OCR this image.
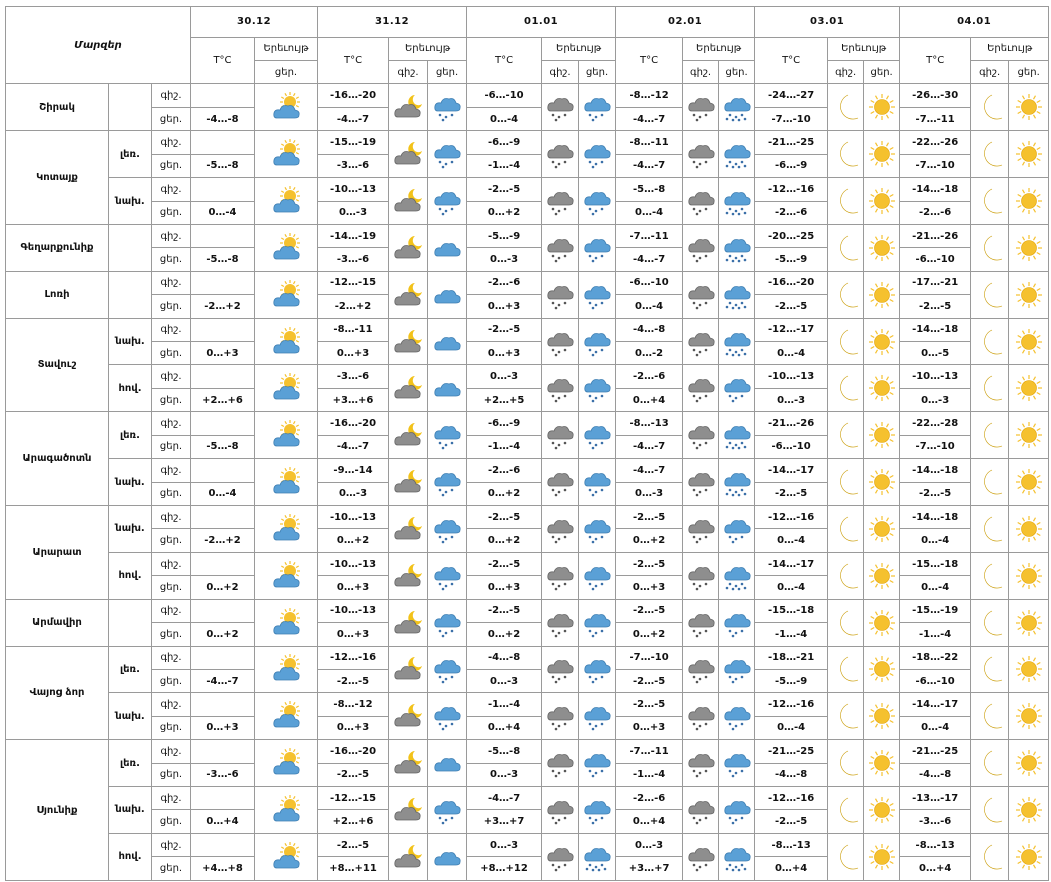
Մարզեր			30.12		31.12			01.01			02.01			03.01			04.01		
			T°C	Երեւույթ	T°C	Երեւույթ		T°C	Երեւույթ		T°C	Երեւույթ		T°C	Երեւույթ		T°C	Երեւույթ	
				ցեր.		գիշ.	ցեր.		գիշ.	ցեր.		գիշ.	ցեր.		գիշ.	ցեր.		գիշ.	ցեր.
Շիրակ		գիշ.			-16…-20			-6…-10			-8…-12			-24…-27			-26…-30	

		ցեր.	-4…-8		-4…-7			0…-4			-4…-7			-7…-10			-7…-11		
Կոտայք	լեռ.	գիշ.			-15…-19			-6…-9			-8…-11			-21…-25			-22…-26	

		ցեր.	-5…-8		-3…-6			-1…-4			-4…-7			-6…-9			-7…-10		
	նախ.	գիշ.			-10…-13			-2…-5			-5…-8			-12…-16			-14…-18	

		ցեր.	0…-4		0…-3			0…+2			0…-4			-2…-6			-2…-6		
Գեղարքունիք		գիշ.			-14…-19			-5…-9			-7…-11			-20…-25			-21…-26	

		ցեր.	-5…-8		-3…-6			0…-3			-4…-7			-5…-9			-6…-10		
Լոռի		գիշ.			-12…-15			-2…-6			-6…-10			-16…-20			-17…-21	

		ցեր.	-2…+2		-2…+2			0…+3			0…-4			-2…-5			-2…-5		
Տավուշ	նախ.	գիշ.			-8…-11			-2…-5			-4…-8			-12…-17			-14…-18	

		ցեր.	0…+3		0…+3			0…+3			0…-2			0…-4			0…-5		
	հով.	գիշ.			-3…-6			0…-3			-2…-6			-10…-13			-10…-13	

		ցեր.	+2…+6		+3…+6			+2…+5			0…+4			0…-3			0…-3		
Արագածոտն	լեռ.	գիշ.			-16…-20			-6…-9			-8…-13			-21…-26			-22…-28	

		ցեր.	-5…-8		-4…-7			-1…-4			-4…-7			-6…-10			-7…-10		
	նախ.	գիշ.			-9…-14			-2…-6			-4…-7			-14…-17			-14…-18	

		ցեր.	0…-4		0…-3			0…+2			0…-3			-2…-5			-2…-5		
Արարատ	նախ.	գիշ.			-10…-13			-2…-5			-2…-5			-12…-16			-14…-18	

		ցեր.	-2…+2		0…+2			0…+2			0…+2			0…-4			0…-4		
	հով.	գիշ.			-10…-13			-2…-5			-2…-5			-14…-17			-15…-18	

		ցեր.	0…+2		0…+3			0…+3			0…+3			0…-4			0…-4		
Արմավիր		գիշ.			-10…-13			-2…-5			-2…-5			-15…-18			-15…-19	

		ցեր.	0…+2		0…+3			0…+2			0…+2			-1…-4			-1…-4		
Վայոց ձոր	լեռ.	գիշ.			-12…-16			-4…-8			-7…-10			-18…-21			-18…-22	

		ցեր.	-4…-7		-2…-5			0…-3			-2…-5			-5…-9			-6…-10		
	նախ.	գիշ.			-8…-12			-1…-4			-2…-5			-12…-16			-14…-17	

		ցեր.	0…+3		0…+3			0…+4			0…+3			0…-4			0…-4		
Սյունիք	լեռ.	գիշ.			-16…-20			-5…-8			-7…-11			-21…-25			-21…-25	

		ցեր.	-3…-6		-2…-5			0…-3			-1…-4			-4…-8			-4…-8		
	նախ.	գիշ.			-12…-15			-4…-7			-2…-6			-12…-16			-13…-17	

		ցեր.	0…+4		+2…+6			+3…+7			0…+4			-2…-5			-3…-6		
	հով.	գիշ.			-2…-5			0…-3			0…-3			-8…-13			-8…-13	

		ցեր.	+4…+8		+8…+11			+8…+12			+3…+7			0…+4			0…+4		
